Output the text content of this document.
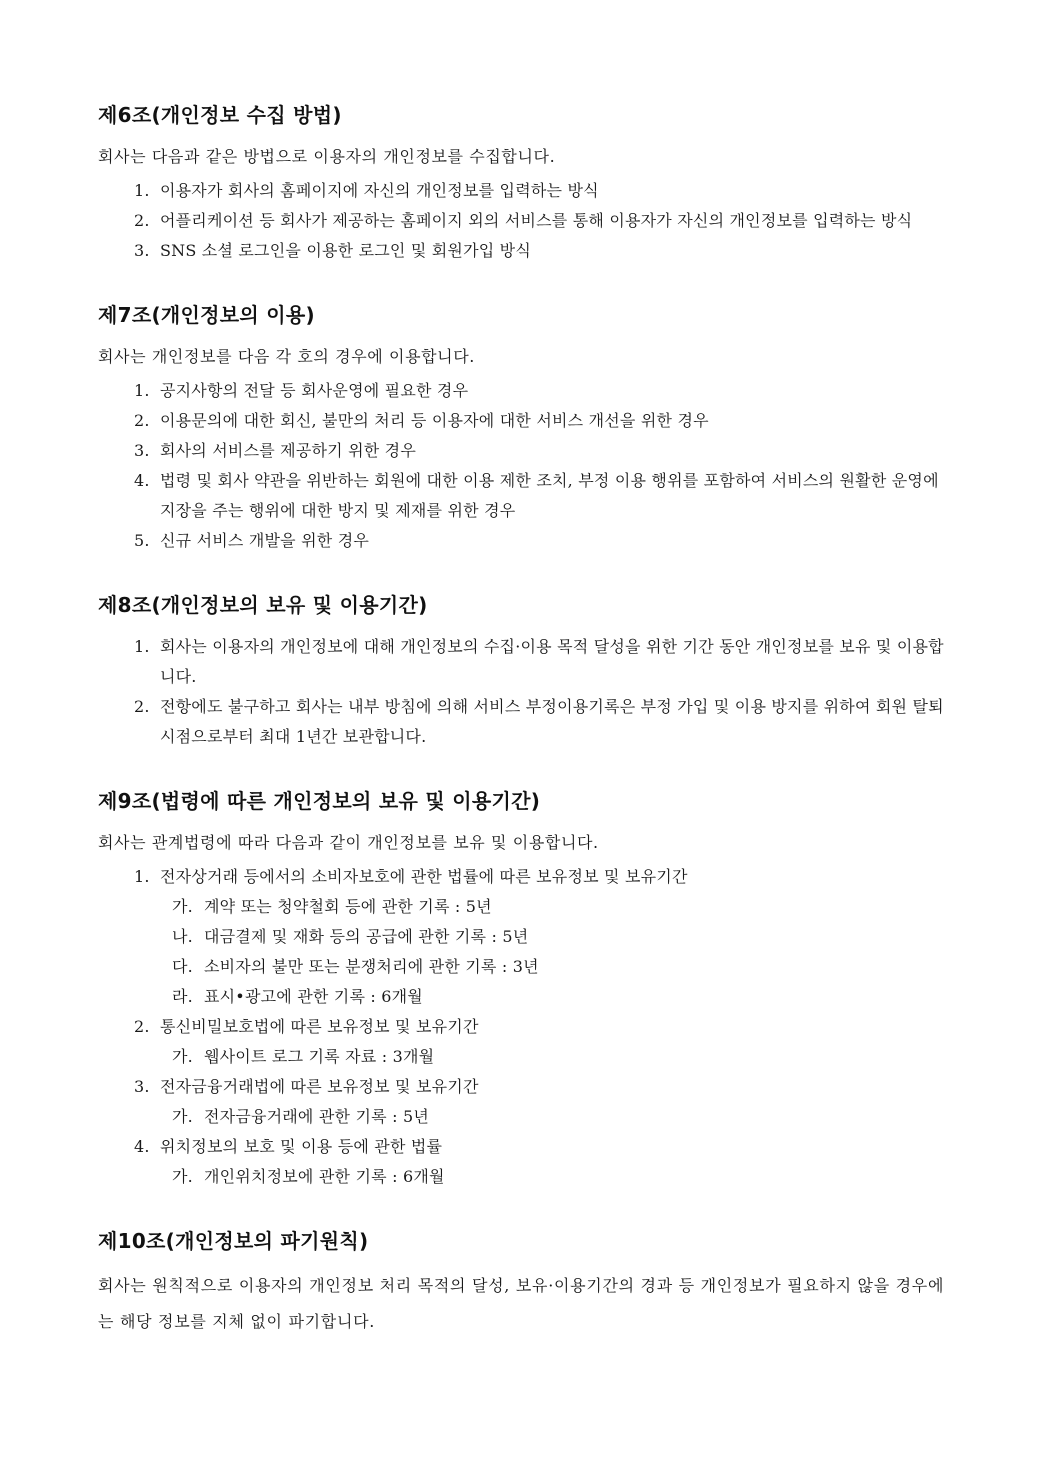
제6조(개인정보 수집 방법)
회사는 다음과 같은 방법으로 이용자의 개인정보를 수집합니다.
1. 이용자가 회사의 홈페이지에 자신의 개인정보를 입력하는 방식
2. 어플리케이션 등 회사가 제공하는 홈페이지 외의 서비스를 통해 이용자가 자신의 개인정보를 입력하는 방식
3. SNS 소셜 로그인을 이용한 로그인 및 회원가입 방식
제7조(개인정보의 이용)
회사는 개인정보를 다음 각 호의 경우에 이용합니다.
1. 공지사항의 전달 등 회사운영에 필요한 경우
2. 이용문의에 대한 회신, 불만의 처리 등 이용자에 대한 서비스 개선을 위한 경우
3. 회사의 서비스를 제공하기 위한 경우
4. 법령 및 회사 약관을 위반하는 회원에 대한 이용 제한 조치, 부정 이용 행위를 포함하여 서비스의 원활한 운영에 지장을 주는 행위에 대한 방지 및 제재를 위한 경우
5. 신규 서비스 개발을 위한 경우
제8조(개인정보의 보유 및 이용기간)
1. 회사는 이용자의 개인정보에 대해 개인정보의 수집·이용 목적 달성을 위한 기간 동안 개인정보를 보유 및 이용합니다.
2. 전항에도 불구하고 회사는 내부 방침에 의해 서비스 부정이용기록은 부정 가입 및 이용 방지를 위하여 회원 탈퇴 시점으로부터 최대 1년간 보관합니다.
제9조(법령에 따른 개인정보의 보유 및 이용기간)
회사는 관계법령에 따라 다음과 같이 개인정보를 보유 및 이용합니다.
1. 전자상거래 등에서의 소비자보호에 관한 법률에 따른 보유정보 및 보유기간
가. 계약 또는 청약철회 등에 관한 기록 : 5년
나. 대금결제 및 재화 등의 공급에 관한 기록 : 5년
다. 소비자의 불만 또는 분쟁처리에 관한 기록 : 3년
라. 표시•광고에 관한 기록 : 6개월
2. 통신비밀보호법에 따른 보유정보 및 보유기간
가. 웹사이트 로그 기록 자료 : 3개월
3. 전자금융거래법에 따른 보유정보 및 보유기간
가. 전자금융거래에 관한 기록 : 5년
4. 위치정보의 보호 및 이용 등에 관한 법률
가. 개인위치정보에 관한 기록 : 6개월
제10조(개인정보의 파기원칙)

회사는 원칙적으로 이용자의 개인정보 처리 목적의 달성, 보유·이용기간의 경과 등 개인정보가 필요하지 않을 경우에는 해당 정보를 지체 없이 파기합니다.
